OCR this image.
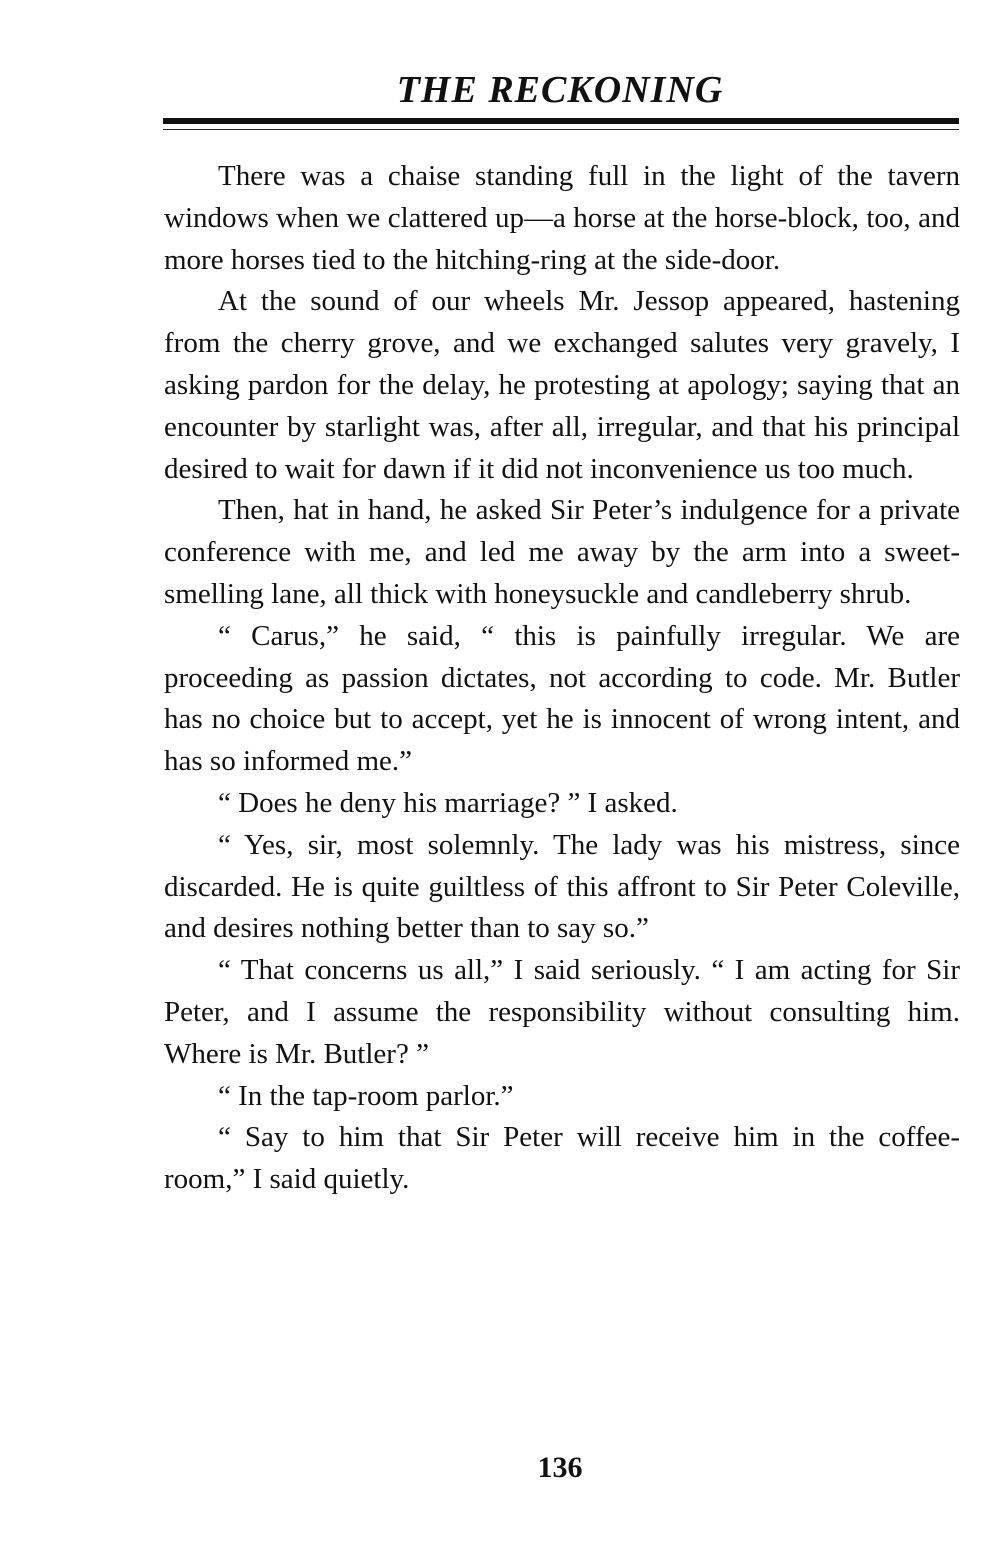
THE RECKONING

There was a chaise standing full in the light of the tavern windows when we clattered up—a horse at the horse-block, too, and more horses tied to the hitching-ring at the side-door.

At the sound of our wheels Mr. Jessop appeared, hastening from the cherry grove, and we exchanged salutes very gravely, I asking pardon for the delay, he protesting at apology; saying that an encounter by starlight was, after all, irregular, and that his principal desired to wait for dawn if it did not inconvenience us too much.

Then, hat in hand, he asked Sir Peter’s indulgence for a private conference with me, and led me away by the arm into a sweet-smelling lane, all thick with honeysuckle and candleberry shrub.

“ Carus,” he said, “ this is painfully irregular. We are proceeding as passion dictates, not according to code. Mr. Butler has no choice but to accept, yet he is innocent of wrong intent, and has so informed me.”

“ Does he deny his marriage? ” I asked.

“ Yes, sir, most solemnly. The lady was his mistress, since discarded. He is quite guiltless of this affront to Sir Peter Coleville, and desires nothing better than to say so.”

“ That concerns us all,” I said seriously. “ I am acting for Sir Peter, and I assume the responsibility without consulting him. Where is Mr. Butler? ”

“ In the tap-room parlor.”

“ Say to him that Sir Peter will receive him in the coffee-room,” I said quietly.

136
